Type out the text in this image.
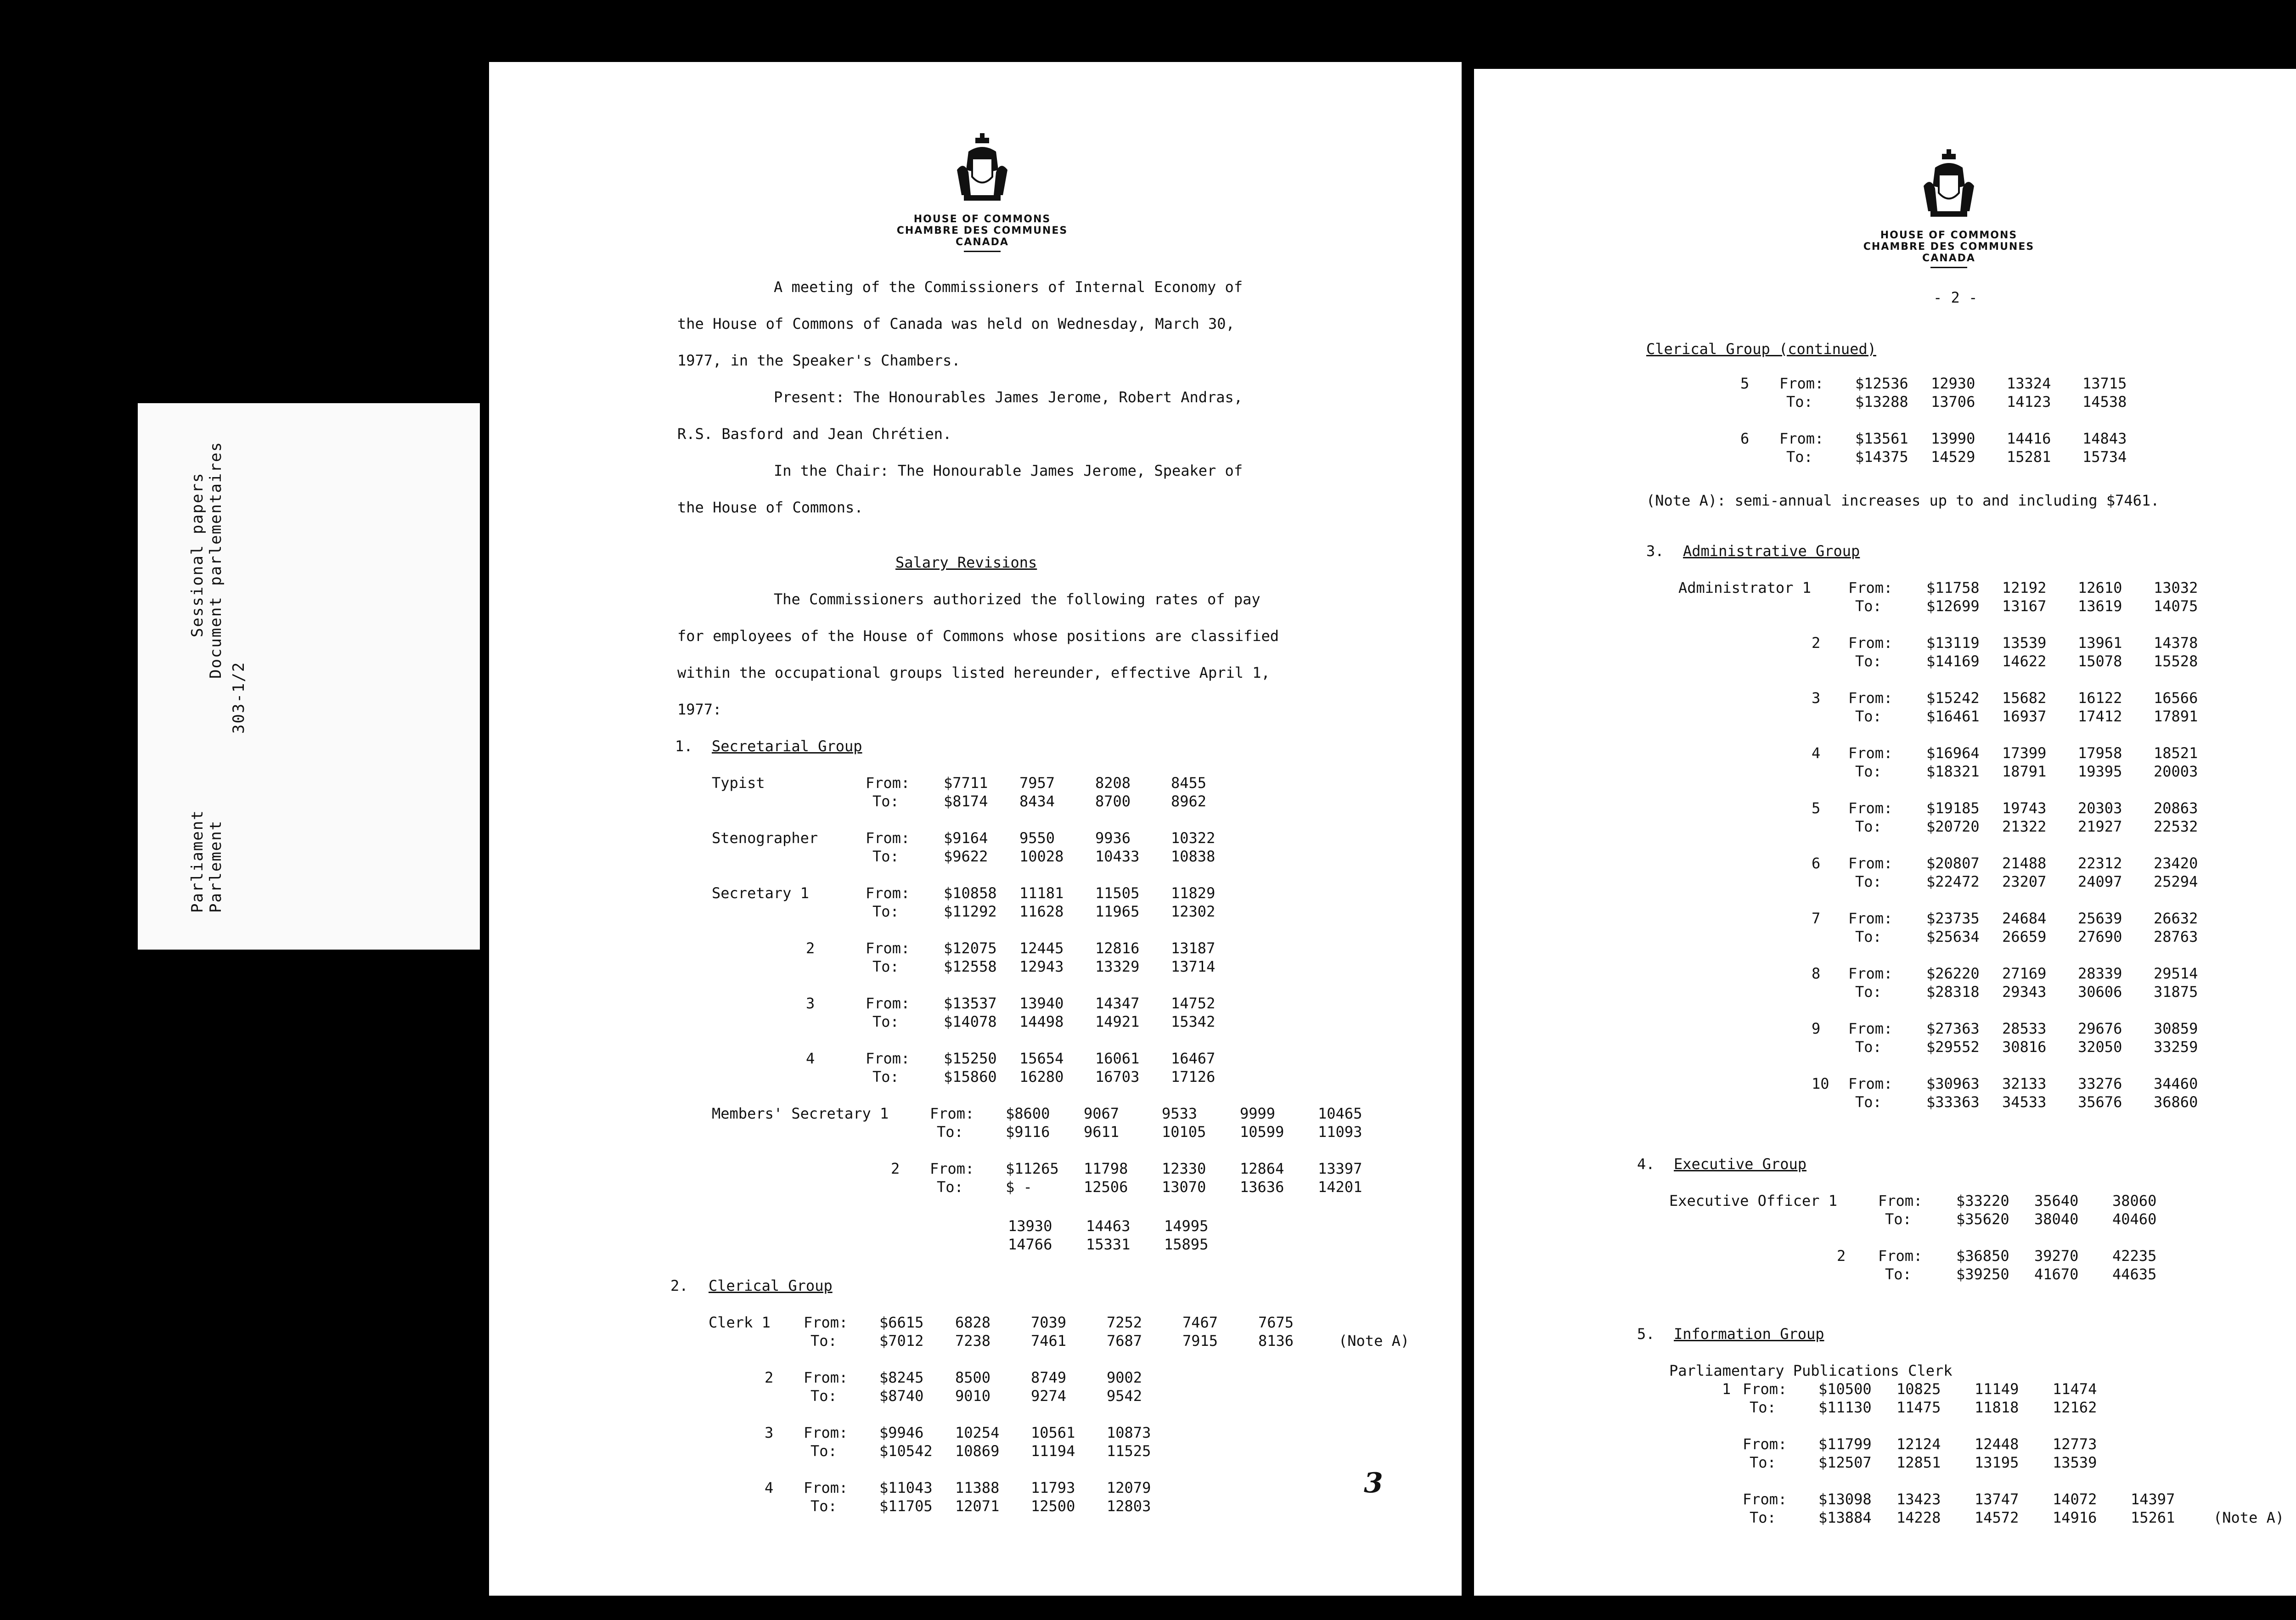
Sessional papers Document parlementaires
303-1/2
Parliament Parlement
HOUSE OF COMMONS
CHAMBRE DES COMMUNES
CANADA
A meeting of the Commissioners of Internal Economy of
the House of Commons of Canada was held on Wednesday, March 30,
1977, in the Speaker's Chambers.
Present: The Honourables James Jerome, Robert Andras,
R.S. Basford and Jean Chrétien.
In the Chair: The Honourable James Jerome, Speaker of
the House of Commons.
Salary Revisions
The Commissioners authorized the following rates of pay
for employees of the House of Commons whose positions are classified
within the occupational groups listed hereunder, effective April 1,
1977:
1. Secretarial Group
Typist	From: $7711 7957	8208	8455
To:	$8174 8434	8700	8962
Stenographer	From: $9164 9550	9936	10322
To:	$9622 10028 10433 10838
Secretary 1	From: $10858 11181 11505 11829
To:	$11292 11628 11965 12302
2	From: $12075 12445 12816 13187
To:	$12558 12943 13329 13714
3	From: $13537 13940 14347 14752
To:	$14078 14498 14921 15342
4	From: $15250 15654 16061 16467
To:	$15860 16280 16703 17126
Members' Secretary 1	From: $8600 9067	9533	9999	10465
To:	$9116 9611	10105 10599 11093
2 From: $11265 11798 12330 12864 13397
To:	$ -	12506 13070 13636 14201
13930 14463 14995
14766 15331 15895
2. Clerical Group
Clerk 1 From: $6615 6828	7039	7252	7467	7675
To:	$7012 7238	7461	7687	7915	8136	(Note A)
2 From: $8245 8500	8749	9002
To:	$8740 9010	9274	9542
3 From: $9946 10254 10561 10873
To:	$10542 10869 11194 11525
4 From: $11043 11388 11793 12079
To:	$11705 12071 12500 12803
3
HOUSE OF COMMONS
CHAMBRE DES COMMUNES
CANADA
- 2 -
Clerical Group (continued)
5 From: $12536 12930 13324 13715
To:	$13288 13706 14123 14538
6 From: $13561 13990 14416 14843
To:	$14375 14529 15281 15734
(Note A): semi-annual increases up to and including $7461.
3. Administrative Group
Administrator 1	From: $11758 12192 12610 13032
To:	$12699 13167 13619 14075
2 From: $13119 13539 13961 14378
To:	$14169 14622 15078 15528
3 From: $15242 15682 16122 16566
To:	$16461 16937 17412 17891
4 From: $16964 17399 17958 18521
To:	$18321 18791 19395 20003
5 From: $19185 19743 20303 20863
To:	$20720 21322 21927 22532
6 From: $20807 21488 22312 23420
To:	$22472 23207 24097 25294
7 From: $23735 24684 25639 26632
To:	$25634 26659 27690 28763
8 From: $26220 27169 28339 29514
To:	$28318 29343 30606 31875
9 From: $27363 28533 29676 30859
To:	$29552 30816 32050 33259
10 From: $30963 32133 33276 34460
To:	$33363 34533 35676 36860
4. Executive Group
Executive Officer 1	From: $33220 35640 38060
To:	$35620 38040 40460
2 From: $36850 39270 42235
To:	$39250 41670 44635
5. Information Group
Parliamentary Publications Clerk
1 From: $10500 10825 11149 11474
To:	$11130 11475 11818 12162
From: $11799 12124 12448 12773
To:	$12507 12851 13195 13539
From: $13098 13423 13747 14072 14397
To:	$13884 14228 14572 14916 15261	(Note A)
